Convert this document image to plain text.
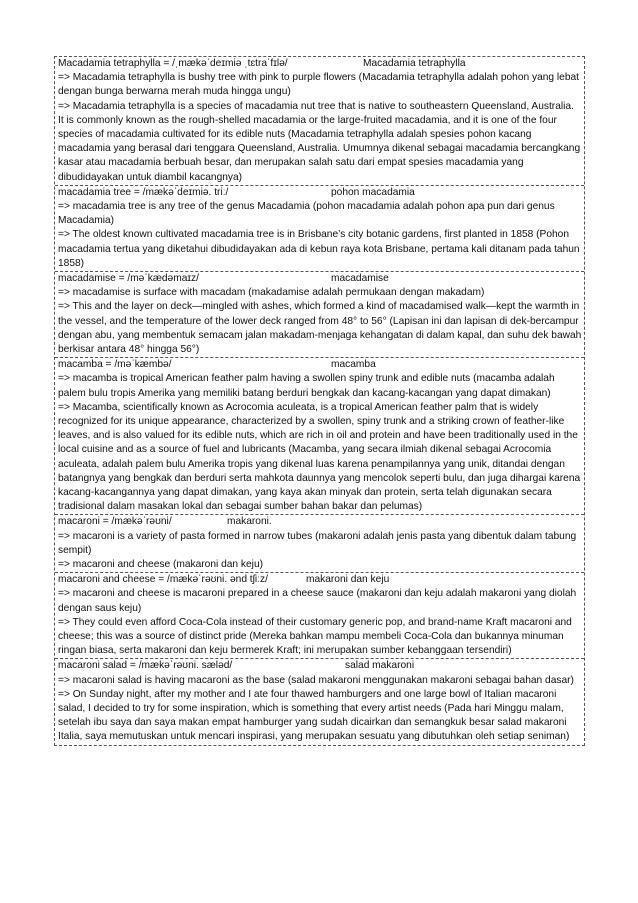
Macadamia tetraphylla = /ˌmækəˈdeɪmiə ˌtɛtraˈfɪlə/	Macadamia tetraphylla

=> Macadamia tetraphylla is bushy tree with pink to purple flowers (Macadamia tetraphylla adalah pohon yang lebat dengan bunga berwarna merah muda hingga ungu)

=> Macadamia tetraphylla is a species of macadamia nut tree that is native to southeastern Queensland, Australia. It is commonly known as the rough-shelled macadamia or the large-fruited macadamia, and it is one of the four species of macadamia cultivated for its edible nuts (Macadamia tetraphylla adalah spesies pohon kacang macadamia yang berasal dari tenggara Queensland, Australia. Umumnya dikenal sebagai macadamia bercangkang kasar atau macadamia berbuah besar, dan merupakan salah satu dari empat spesies macadamia yang dibudidayakan untuk diambil kacangnya)

macadamia tree = /mækəˈdeɪmiə. triː/	pohon macadamia

=> macadamia tree is any tree of the genus Macadamia (pohon macadamia adalah pohon apa pun dari genus Macadamia)

=> The oldest known cultivated macadamia tree is in Brisbane’s city botanic gardens, first planted in 1858 (Pohon macadamia tertua yang diketahui dibudidayakan ada di kebun raya kota Brisbane, pertama kali ditanam pada tahun 1858)

macadamise = /məˈkædəmaɪz/	macadamise

=> macadamise is surface with macadam (makadamise adalah permukaan dengan makadam)

=> This and the layer on deck—mingled with ashes, which formed a kind of macadamised walk—kept the warmth in the vessel, and the temperature of the lower deck ranged from 48° to 56° (Lapisan ini dan lapisan di dek-bercampur dengan abu, yang membentuk semacam jalan makadam-menjaga kehangatan di dalam kapal, dan suhu dek bawah berkisar antara 48° hingga 56°)

macamba = /məˈkæmbə/	macamba

=> macamba is tropical American feather palm having a swollen spiny trunk and edible nuts (macamba adalah palem bulu tropis Amerika yang memiliki batang berduri bengkak dan kacang-kacangan yang dapat dimakan)

=> Macamba, scientifically known as Acrocomia aculeata, is a tropical American feather palm that is widely recognized for its unique appearance, characterized by a swollen, spiny trunk and a striking crown of feather-like leaves, and is also valued for its edible nuts, which are rich in oil and protein and have been traditionally used in the local cuisine and as a source of fuel and lubricants (Macamba, yang secara ilmiah dikenal sebagai Acrocomia aculeata, adalah palem bulu Amerika tropis yang dikenal luas karena penampilannya yang unik, ditandai dengan batangnya yang bengkak dan berduri serta mahkota daunnya yang mencolok seperti bulu, dan juga dihargai karena kacang-kacangannya yang dapat dimakan, yang kaya akan minyak dan protein, serta telah digunakan secara tradisional dalam masakan lokal dan sebagai sumber bahan bakar dan pelumas)

macaroni = /mækəˈrəʊni/	makaroni.

=> macaroni is a variety of pasta formed in narrow tubes (makaroni adalah jenis pasta yang dibentuk dalam tabung sempit)

=> macaroni and cheese (makaroni dan keju)

macaroni and cheese = /mækəˈrəʊni. ənd tʃiːz/	makaroni dan keju

=> macaroni and cheese is macaroni prepared in a cheese sauce (makaroni dan keju adalah makaroni yang diolah dengan saus keju)

=> They could even afford Coca-Cola instead of their customary generic pop, and brand-name Kraft macaroni and cheese; this was a source of distinct pride (Mereka bahkan mampu membeli Coca-Cola dan bukannya minuman ringan biasa, serta makaroni dan keju bermerek Kraft; ini merupakan sumber kebanggaan tersendiri)

macaroni salad = /mækəˈrəʊni. sæləd/	salad makaroni

=> macaroni salad is having macaroni as the base (salad makaroni menggunakan makaroni sebagai bahan dasar)

=> On Sunday night, after my mother and I ate four thawed hamburgers and one large bowl of Italian macaroni salad, I decided to try for some inspiration, which is something that every artist needs (Pada hari Minggu malam, setelah ibu saya dan saya makan empat hamburger yang sudah dicairkan dan semangkuk besar salad makaroni Italia, saya memutuskan untuk mencari inspirasi, yang merupakan sesuatu yang dibutuhkan oleh setiap seniman)
